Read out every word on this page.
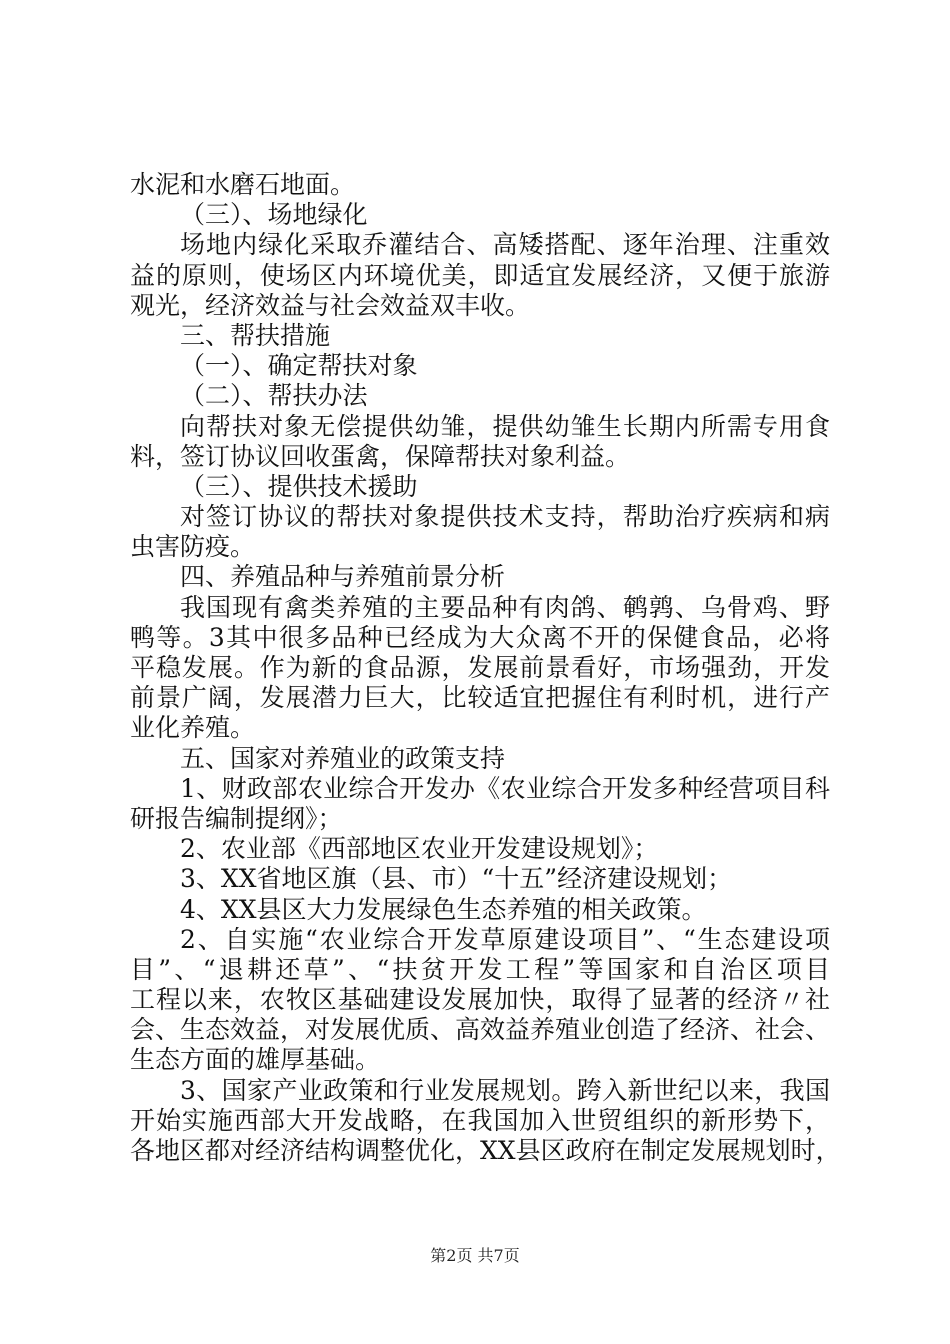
水泥和水磨石地面。
（三）、场地绿化
场地内绿化采取乔灌结合、高矮搭配、逐年治理、注重效
益的原则，使场区内环境优美，即适宜发展经济，又便于旅游
观光，经济效益与社会效益双丰收。
三、帮扶措施
（一）、确定帮扶对象
（二）、帮扶办法
向帮扶对象无偿提供幼雏，提供幼雏生长期内所需专用食
料，签订协议回收蛋禽，保障帮扶对象利益。
（三）、提供技术援助
对签订协议的帮扶对象提供技术支持，帮助治疗疾病和病
虫害防疫。
四、养殖品种与养殖前景分析
我国现有禽类养殖的主要品种有肉鸽、鹌鹑、乌骨鸡、野
鸭等。3其中很多品种已经成为大众离不开的保健食品，必将
平稳发展。作为新的食品源，发展前景看好，市场强劲，开发
前景广阔，发展潜力巨大，比较适宜把握住有利时机，进行产
业化养殖。
五、国家对养殖业的政策支持
1、财政部农业综合开发办《农业综合开发多种经营项目科
研报告编制提纲》；
2、农业部《西部地区农业开发建设规划》；
3、XX省地区旗（县、市）“十五”经济建设规划；
4、XX县区大力发展绿色生态养殖的相关政策。
2、自实施“农业综合开发草原建设项目”、“生态建设项
目”、“退耕还草”、“扶贫开发工程”等国家和自治区项目
工程以来，农牧区基础建设发展加快，取得了显著的经济〃社
会、生态效益，对发展优质、高效益养殖业创造了经济、社会、
生态方面的雄厚基础。
3、国家产业政策和行业发展规划。跨入新世纪以来，我国
开始实施西部大开发战略，在我国加入世贸组织的新形势下，
各地区都对经济结构调整优化，XX县区政府在制定发展规划时，
第2页 共7页
